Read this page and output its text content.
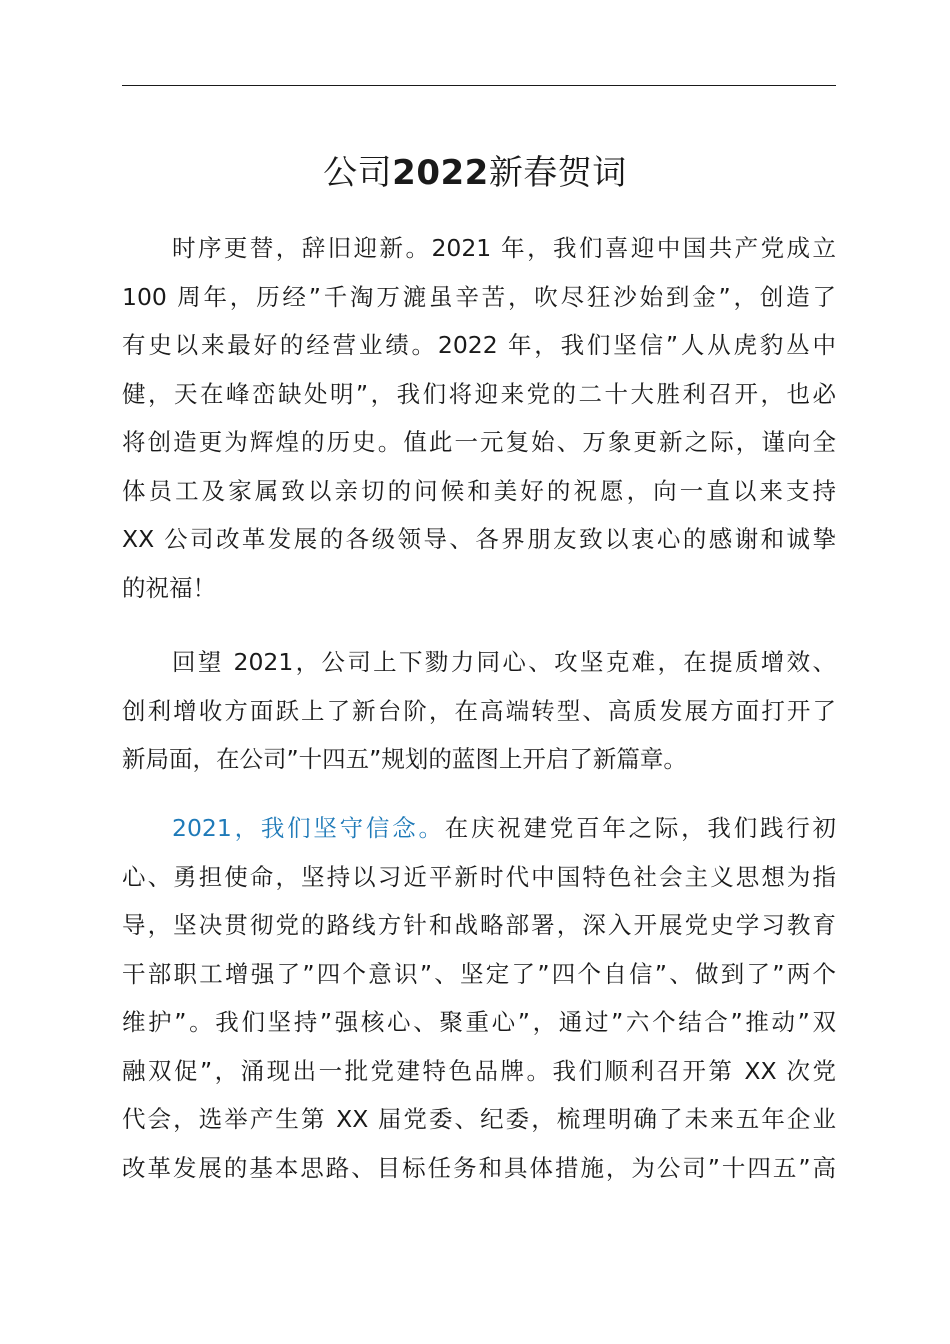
公司2022新春贺词
时序更替，辞旧迎新。2021 年，我们喜迎中国共产党成立
100 周年，历经”千淘万漉虽辛苦，吹尽狂沙始到金”，创造了
有史以来最好的经营业绩。2022 年，我们坚信”人从虎豹丛中
健，天在峰峦缺处明”，我们将迎来党的二十大胜利召开，也必
将创造更为辉煌的历史。值此一元复始、万象更新之际，谨向全
体员工及家属致以亲切的问候和美好的祝愿，向一直以来支持
XX 公司改革发展的各级领导、各界朋友致以衷心的感谢和诚挚
的祝福！
回望 2021，公司上下勠力同心、攻坚克难，在提质增效、
创利增收方面跃上了新台阶，在高端转型、高质发展方面打开了
新局面，在公司”十四五”规划的蓝图上开启了新篇章。
2021，我们坚守信念。在庆祝建党百年之际，我们践行初
心、勇担使命，坚持以习近平新时代中国特色社会主义思想为指
导，坚决贯彻党的路线方针和战略部署，深入开展党史学习教育
干部职工增强了”四个意识”、坚定了”四个自信”、做到了”两个
维护”。我们坚持”强核心、聚重心”，通过”六个结合”推动”双
融双促”，涌现出一批党建特色品牌。我们顺利召开第 XX 次党
代会，选举产生第 XX 届党委、纪委，梳理明确了未来五年企业
改革发展的基本思路、目标任务和具体措施，为公司”十四五”高
